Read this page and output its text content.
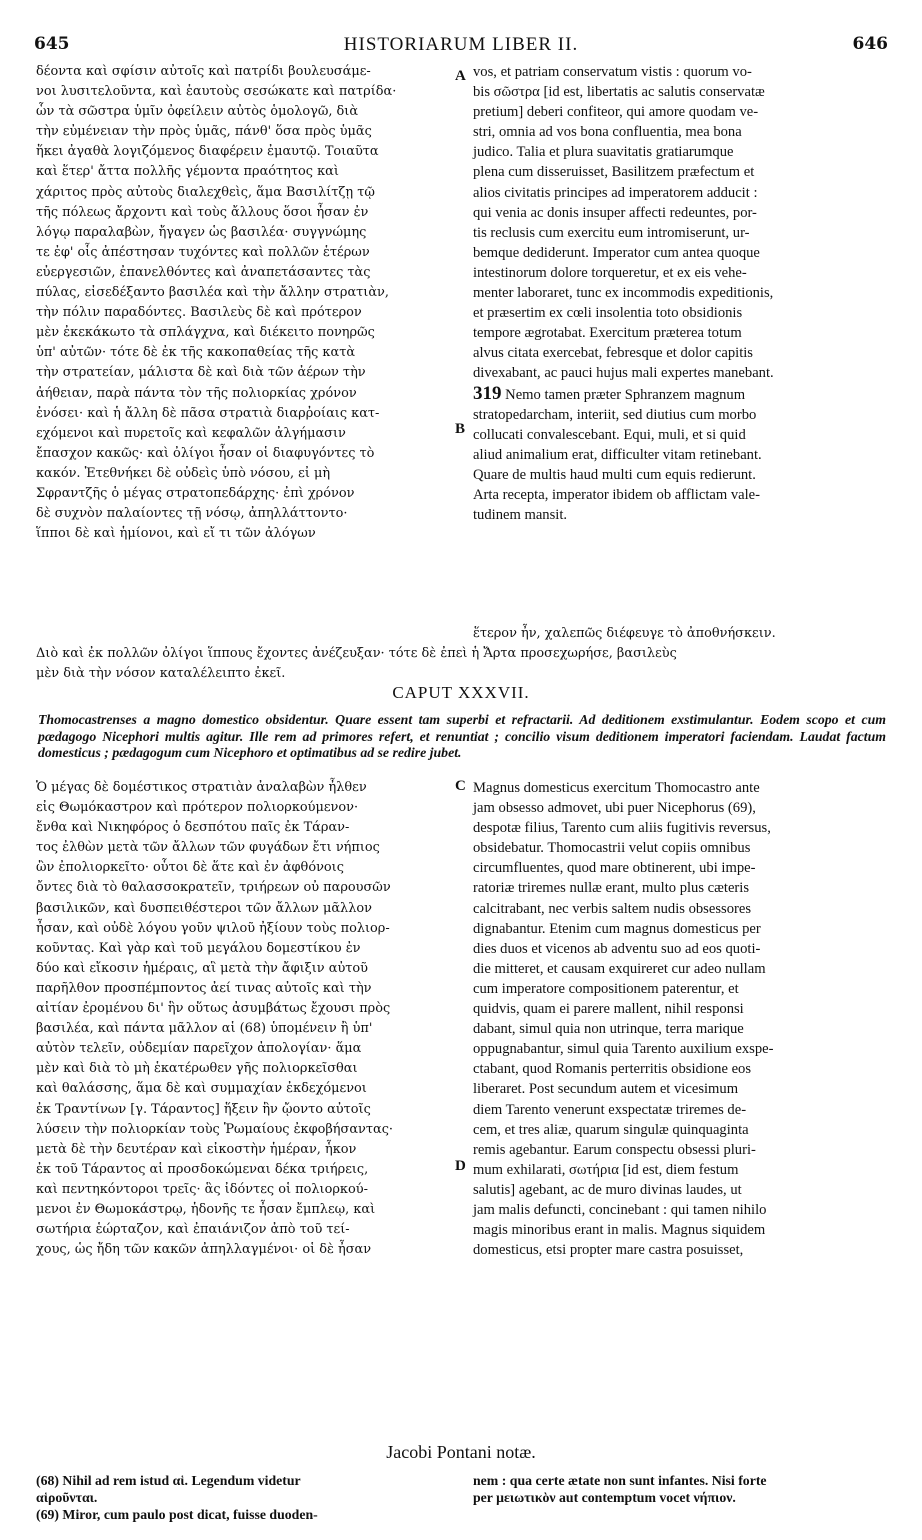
645	HISTORIARUM LIBER II.	646

δέοντα καὶ σφίσιν αὐτοῖς καὶ πατρίδι βουλευσάμε-

νοι λυσιτελοῦντα, καὶ ἑαυτοὺς σεσώκατε καὶ πατρίδα·

ὧν τὰ σῶστρα ὑμῖν ὀφείλειν αὐτὸς ὁμολογῶ, διὰ

τὴν εὐμένειαν τὴν πρὸς ὑμᾶς, πάνθ' ὅσα πρὸς ὑμᾶς

ἥκει ἀγαθὰ λογιζόμενος διαφέρειν ἐμαυτῷ. Τοιαῦτα

καὶ ἕτερ' ἄττα πολλῆς γέμοντα πραότητος καὶ

χάριτος πρὸς αὐτοὺς διαλεχθεὶς, ἅμα Βασιλίτζῃ τῷ

τῆς πόλεως ἄρχοντι καὶ τοὺς ἄλλους ὅσοι ἦσαν ἐν

λόγῳ παραλαβὼν, ἤγαγεν ὡς βασιλέα· συγγνώμης

τε ἐφ' οἷς ἀπέστησαν τυχόντες καὶ πολλῶν ἑτέρων

εὐεργεσιῶν, ἐπανελθόντες καὶ ἀναπετάσαντες τὰς

πύλας, εἰσεδέξαντο βασιλέα καὶ τὴν ἄλλην στρατιὰν,

τὴν πόλιν παραδόντες. Βασιλεὺς δὲ καὶ πρότερον

μὲν ἐκεκάκωτο τὰ σπλάγχνα, καὶ διέκειτο πονηρῶς

ὑπ' αὐτῶν· τότε δὲ ἐκ τῆς κακοπαθείας τῆς κατὰ

τὴν στρατείαν, μάλιστα δὲ καὶ διὰ τῶν ἀέρων τὴν

ἀήθειαν, παρὰ πάντα τὸν τῆς πολιορκίας χρόνον

ἐνόσει· καὶ ἡ ἄλλη δὲ πᾶσα στρατιὰ διαρῤοίαις κατ-

εχόμενοι καὶ πυρετοῖς καὶ κεφαλῶν ἀλγήμασιν

ἔπασχον κακῶς· καὶ ὀλίγοι ἦσαν οἱ διαφυγόντες τὸ

κακόν. Ἐτεθνήκει δὲ οὐδεὶς ὑπὸ νόσου, εἰ μὴ

Σφραντζῆς ὁ μέγας στρατοπεδάρχης· ἐπὶ χρόνον

δὲ συχνὸν παλαίοντες τῇ νόσῳ, ἀπηλλάττοντο·

ἵπποι δὲ καὶ ἡμίονοι, καὶ εἴ τι τῶν ἀλόγων

A
B

vos, et patriam conservatum vistis : quorum vo-

bis σῶστρα [id est, libertatis ac salutis conservatæ

pretium] deberi confiteor, qui amore quodam ve-

stri, omnia ad vos bona confluentia, mea bona

judico. Talia et plura suavitatis gratiarumque

plena cum disseruisset, Basilitzem præfectum et

alios civitatis principes ad imperatorem adducit :

qui venia ac donis insuper affecti redeuntes, por-

tis reclusis cum exercitu eum intromiserunt, ur-

bemque dediderunt. Imperator cum antea quoque

intestinorum dolore torqueretur, et ex eis vehe-

menter laboraret, tunc ex incommodis expeditionis,

et præsertim ex cœli insolentia toto obsidionis

tempore ægrotabat. Exercitum præterea totum

alvus citata exercebat, febresque et dolor capitis

divexabant, ac pauci hujus mali expertes manebant.

319 Nemo tamen præter Sphranzem magnum

stratopedarcham, interiit, sed diutius cum morbo

collucati convalescebant. Equi, muli, et si quid

aliud animalium erat, difficulter vitam retinebant.

Quare de multis haud multi cum equis redierunt.

Arta recepta, imperator ibidem ob afflictam vale-

tudinem mansit.

ἕτερον ἦν, χαλεπῶς διέφευγε τὸ ἀποθνήσκειν.
Διὸ καὶ ἐκ πολλῶν ὀλίγοι ἵππους ἔχοντες ἀνέζευξαν· τότε δὲ ἐπεὶ ἡ Ἄρτα προσεχωρήσε, βασιλεὺς
μὲν διὰ τὴν νόσον καταλέλειπτο ἐκεῖ.
CAPUT XXXVII.
Thomocastrenses a magno domestico obsidentur. Quare essent tam superbi et refractarii. Ad deditionem exstimulantur. Eodem scopo et cum pædagogo Nicephori multis agitur. Ille rem ad primores refert, et renuntiat ; concilio visum deditionem imperatori faciendam. Laudat factum domesticus ; pædagogum cum Nicephoro et optimatibus ad se redire jubet.

Ὁ μέγας δὲ δομέστικος στρατιὰν ἀναλαβὼν ἦλθεν

εἰς Θωμόκαστρον καὶ πρότερον πολιορκούμενον·

ἔνθα καὶ Νικηφόρος ὁ δεσπότου παῖς ἐκ Τάραν-

τος ἐλθὼν μετὰ τῶν ἄλλων τῶν φυγάδων ἔτι νήπιος

ὢν ἐπολιορκεῖτο· οὗτοι δὲ ἅτε καὶ ἐν ἀφθόνοις

ὄντες διὰ τὸ θαλασσοκρατεῖν, τριήρεων οὐ παρουσῶν

βασιλικῶν, καὶ δυσπειθέστεροι τῶν ἄλλων μᾶλλον

ἦσαν, καὶ οὐδὲ λόγου γοῦν ψιλοῦ ἠξίουν τοὺς πολιορ-

κοῦντας. Καὶ γὰρ καὶ τοῦ μεγάλου δομεστίκου ἐν

δύο καὶ εἴκοσιν ἡμέραις, αἳ μετὰ τὴν ἄφιξιν αὐτοῦ

παρῆλθον προσπέμποντος ἀεί τινας αὐτοῖς καὶ τὴν

αἰτίαν ἐρομένου δι' ἣν οὕτως ἀσυμβάτως ἔχουσι πρὸς

βασιλέα, καὶ πάντα μᾶλλον αἱ (68) ὑπομένειν ἢ ὑπ'

αὐτὸν τελεῖν, οὐδεμίαν παρεῖχον ἀπολογίαν· ἅμα

μὲν καὶ διὰ τὸ μὴ ἑκατέρωθεν γῆς πολιορκεῖσθαι

καὶ θαλάσσης, ἅμα δὲ καὶ συμμαχίαν ἐκδεχόμενοι

ἐκ Τραντίνων [γ. Τάραντος] ἥξειν ἣν ᾤοντο αὐτοῖς

λύσειν τὴν πολιορκίαν τοὺς Ῥωμαίους ἐκφοβήσαντας·

μετὰ δὲ τὴν δευτέραν καὶ εἰκοστὴν ἡμέραν, ἧκον

ἐκ τοῦ Τάραντος αἱ προσδοκώμεναι δέκα τριήρεις,

καὶ πεντηκόντοροι τρεῖς· ἃς ἰδόντες οἱ πολιορκού-

μενοι ἐν Θωμοκάστρῳ, ἡδονῆς τε ἦσαν ἔμπλεῳ, καὶ

σωτήρια ἑώρταζον, καὶ ἐπαιάνιζον ἀπὸ τοῦ τεί-

χους, ὡς ἤδη τῶν κακῶν ἀπηλλαγμένοι· οἱ δὲ ἦσαν

C
D

Magnus domesticus exercitum Thomocastro ante

jam obsesso admovet, ubi puer Nicephorus (69),

despotæ filius, Tarento cum aliis fugitivis reversus,

obsidebatur. Thomocastrii velut copiis omnibus

circumfluentes, quod mare obtinerent, ubi impe-

ratoriæ triremes nullæ erant, multo plus cæteris

calcitrabant, nec verbis saltem nudis obsessores

dignabantur. Etenim cum magnus domesticus per

dies duos et vicenos ab adventu suo ad eos quoti-

die mitteret, et causam exquireret cur adeo nullam

cum imperatore compositionem paterentur, et

quidvis, quam ei parere mallent, nihil responsi

dabant, simul quia non utrinque, terra marique

oppugnabantur, simul quia Tarento auxilium exspe-

ctabant, quod Romanis perterritis obsidione eos

liberaret. Post secundum autem et vicesimum

diem Tarento venerunt exspectatæ triremes de-

cem, et tres aliæ, quarum singulæ quinquaginta

remis agebantur. Earum conspectu obsessi pluri-

mum exhilarati, σωτήρια [id est, diem festum

salutis] agebant, ac de muro divinas laudes, ut

jam malis defuncti, concinebant : qui tamen nihilo

magis minoribus erant in malis. Magnus siquidem

domesticus, etsi propter mare castra posuisset,

Jacobi Pontani notæ.

(68) Nihil ad rem istud αἱ. Legendum videtur

αἱροῦνται.

(69) Miror, cum paulo post dicat, fuisse duoden-

nem : qua certe ætate non sunt infantes. Nisi forte

per μειωτικὸν aut contemptum vocet νήπιον.
